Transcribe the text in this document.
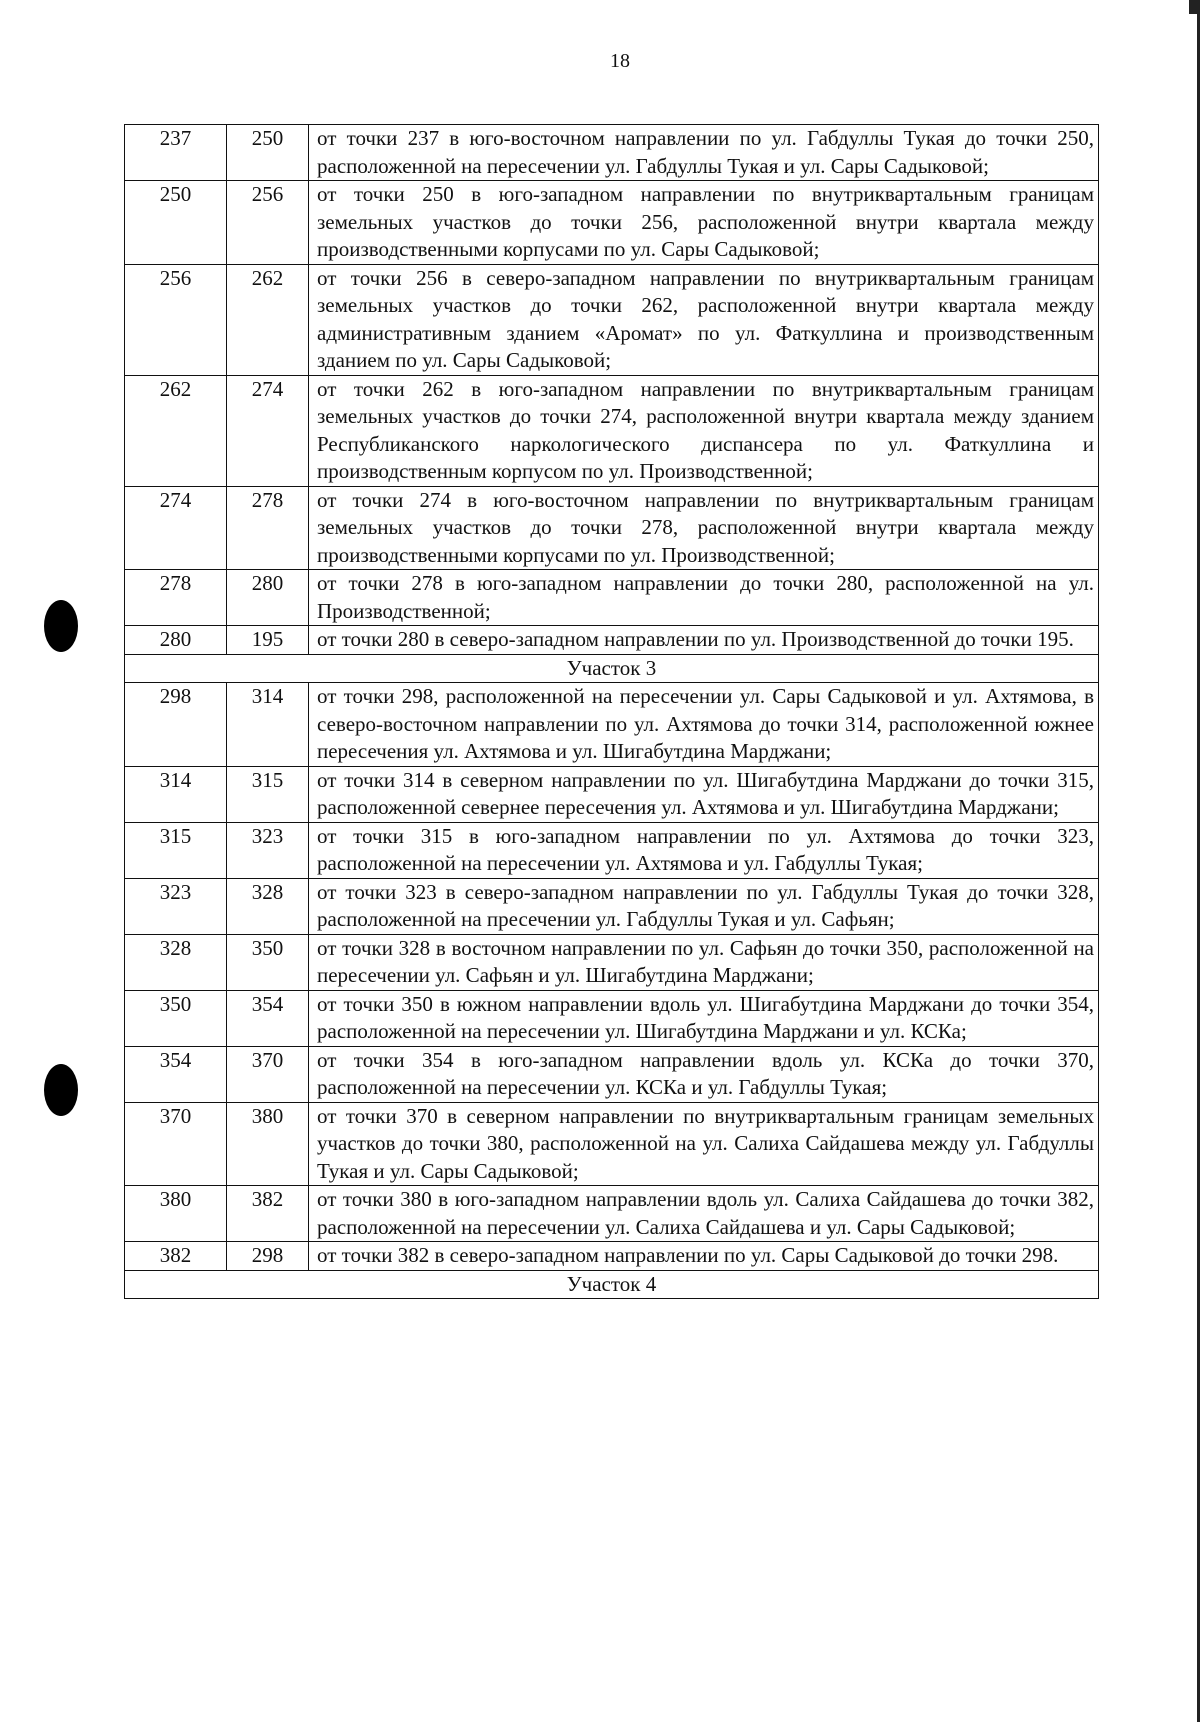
18
237	250	от точки 237 в юго-восточном направлении по ул. Габдуллы Тукая до точки 250, расположенной на пересечении ул. Габдуллы Тукая и ул. Сары Садыковой;
250	256	от точки 250 в юго-западном направлении по внутриквартальным границам земельных участков до точки 256, расположенной внутри квартала между производственными корпусами по ул. Сары Садыковой;
256	262	от точки 256 в северо-западном направлении по внутриквартальным границам земельных участков до точки 262, расположенной внутри квартала между административным зданием «Аромат» по ул. Фаткуллина и производственным зданием по ул. Сары Садыковой;
262	274	от точки 262 в юго-западном направлении по внутриквартальным границам земельных участков до точки 274, расположенной внутри квартала между зданием Республиканского наркологического диспансера по ул. Фаткуллина и производственным корпусом по ул. Производственной;
274	278	от точки 274 в юго-восточном направлении по внутриквартальным границам земельных участков до точки 278, расположенной внутри квартала между производственными корпусами по ул. Производственной;
278	280	от точки 278 в юго-западном направлении до точки 280, расположенной на ул. Производственной;
280	195	от точки 280 в северо-западном направлении по ул. Производственной до точки 195.
Участок 3		
298	314	от точки 298, расположенной на пересечении ул. Сары Садыковой и ул. Ахтямова, в северо-восточном направлении по ул. Ахтямова до точки 314, расположенной южнее пересечения ул. Ахтямова и ул. Шигабутдина Марджани;
314	315	от точки 314 в северном направлении по ул. Шигабутдина Марджани до точки 315, расположенной севернее пересечения ул. Ахтямова и ул. Шигабутдина Марджани;
315	323	от точки 315 в юго-западном направлении по ул. Ахтямова до точки 323, расположенной на пересечении ул. Ахтямова и ул. Габдуллы Тукая;
323	328	от точки 323 в северо-западном направлении по ул. Габдуллы Тукая до точки 328, расположенной на пресечении ул. Габдуллы Тукая и ул. Сафьян;
328	350	от точки 328 в восточном направлении по ул. Сафьян до точки 350, расположенной на пересечении ул. Сафьян и ул. Шигабутдина Марджани;
350	354	от точки 350 в южном направлении вдоль ул. Шигабутдина Марджани до точки 354, расположенной на пересечении ул. Шигабутдина Марджани и ул. КСКа;
354	370	от точки 354 в юго-западном направлении вдоль ул. КСКа до точки 370, расположенной на пересечении ул. КСКа и ул. Габдуллы Тукая;
370	380	от точки 370 в северном направлении по внутриквартальным границам земельных участков до точки 380, расположенной на ул. Салиха Сайдашева между ул. Габдуллы Тукая и ул. Сары Садыковой;
380	382	от точки 380 в юго-западном направлении вдоль ул. Салиха Сайдашева до точки 382, расположенной на пересечении ул. Салиха Сайдашева и ул. Сары Садыковой;
382	298	от точки 382 в северо-западном направлении по ул. Сары Садыковой до точки 298.
Участок 4		
